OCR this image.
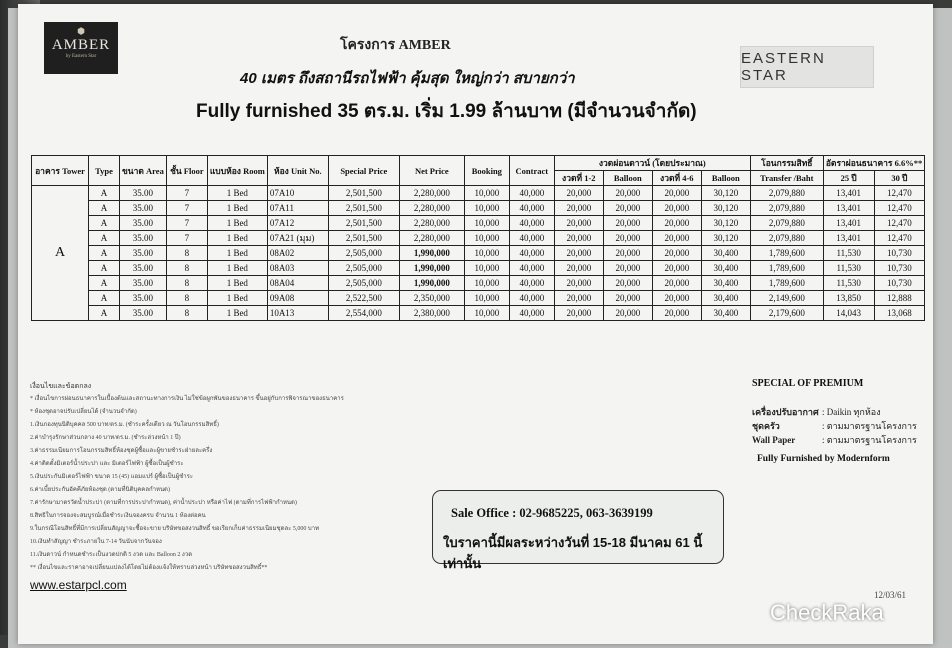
⬢
AMBER
by Eastern Star	EASTERN STAR
โครงการ AMBER
40 เมตร ถึงสถานีรถไฟฟ้า คุ้มสุด ใหญ่กว่า สบายกว่า
Fully furnished 35 ตร.ม. เริ่ม 1.99 ล้านบาท (มีจำนวนจำกัด)
อาคาร Tower	Type	ขนาด Area	ชั้น Floor	แบบห้อง Room	ห้อง Unit No.	Special Price	Net Price	Booking	Contract	งวดผ่อนดาวน์ (โดยประมาณ)				โอนกรรมสิทธิ์	อัตราผ่อนธนาคาร 6.6%**	
										งวดที่ 1-2	Balloon	งวดที่ 4-6	Balloon	Transfer /Baht	25 ปี	30 ปี
A	A	35.00	7	1 Bed	07A10	2,501,500	2,280,000	10,000	40,000	20,000	20,000	20,000	30,120	2,079,880	13,401	12,470
	A	35.00	7	1 Bed	07A11	2,501,500	2,280,000	10,000	40,000	20,000	20,000	20,000	30,120	2,079,880	13,401	12,470
	A	35.00	7	1 Bed	07A12	2,501,500	2,280,000	10,000	40,000	20,000	20,000	20,000	30,120	2,079,880	13,401	12,470
	A	35.00	7	1 Bed	07A21 (มุม)	2,501,500	2,280,000	10,000	40,000	20,000	20,000	20,000	30,120	2,079,880	13,401	12,470
	A	35.00	8	1 Bed	08A02	2,505,000	1,990,000	10,000	40,000	20,000	20,000	20,000	30,400	1,789,600	11,530	10,730
	A	35.00	8	1 Bed	08A03	2,505,000	1,990,000	10,000	40,000	20,000	20,000	20,000	30,400	1,789,600	11,530	10,730
	A	35.00	8	1 Bed	08A04	2,505,000	1,990,000	10,000	40,000	20,000	20,000	20,000	30,400	1,789,600	11,530	10,730
	A	35.00	8	1 Bed	09A08	2,522,500	2,350,000	10,000	40,000	20,000	20,000	20,000	30,400	2,149,600	13,850	12,888
	A	35.00	8	1 Bed	10A13	2,554,000	2,380,000	10,000	40,000	20,000	20,000	20,000	30,400	2,179,600	14,043	13,068
เงื่อนไขและข้อตกลง
* เงื่อนไขการผ่อนธนาคารในเบื้องต้นและสถานะทางการเงิน ไม่ใช่ข้อผูกพันของธนาคาร ขึ้นอยู่กับการพิจารณาของธนาคาร
* ห้องชุดอาจปรับเปลี่ยนได้ (จำนวนจำกัด)
1.เงินกองทุนนิติบุคคล 500 บาท/ตร.ม. (ชำระครั้งเดียว ณ วันโอนกรรมสิทธิ์)
2.ค่าบำรุงรักษาส่วนกลาง 40 บาท/ตร.ม. (ชำระล่วงหน้า 1 ปี)
3.ค่าธรรมเนียมการโอนกรรมสิทธิ์ห้องชุดผู้ซื้อและผู้ขายชำระฝ่ายละครึ่ง
4.ค่าติดตั้งมิเตอร์น้ำประปา และ มิเตอร์ไฟฟ้า ผู้ซื้อเป็นผู้ชำระ
5.เงินประกันมิเตอร์ไฟฟ้า ขนาด 15 (45) แอมแปร์ ผู้ซื้อเป็นผู้ชำระ
6.ค่าเบี้ยประกันอัคคีภัยห้องชุด (ตามที่นิติบุคคลกำหนด)
7.ค่ารักษามาตรวัดน้ำประปา (ตามที่การประปากำหนด), ค่าน้ำประปา หรือค่าไฟ (ตามที่การไฟฟ้ากำหนด)
8.สิทธิในการจองจะสมบูรณ์เมื่อชำระเงินจองครบ จำนวน 1 ห้องต่อคน
9.ในกรณีโอนสิทธิ์ที่มีการเปลี่ยนสัญญาจะซื้อจะขาย บริษัทขอสงวนสิทธิ์ ขอเรียกเก็บค่าธรรมเนียมชุดละ 5,000 บาท
10.เงินทำสัญญา ชำระภายใน 7-14 วันนับจากวันจอง
11.เงินดาวน์ กำหนดชำระเป็นงวดปกติ 5 งวด และ Balloon 2 งวด
** เงื่อนไขและราคาอาจเปลี่ยนแปลงได้โดยไม่ต้องแจ้งให้ทราบล่วงหน้า บริษัทขอสงวนสิทธิ์**
www.estarpcl.com
SPECIAL OF PREMIUM
เครื่องปรับอากาศ : Daikin ทุกห้อง
ชุดครัว	: ตามมาตรฐานโครงการ
Wall Paper	: ตามมาตรฐานโครงการ
Fully Furnished by Modernform
Sale Office : 02-9685225, 063-3639199
ใบราคานี้มีผลระหว่างวันที่ 15-18 มีนาคม 61 นี้เท่านั้น
12/03/61
CheckRaka
